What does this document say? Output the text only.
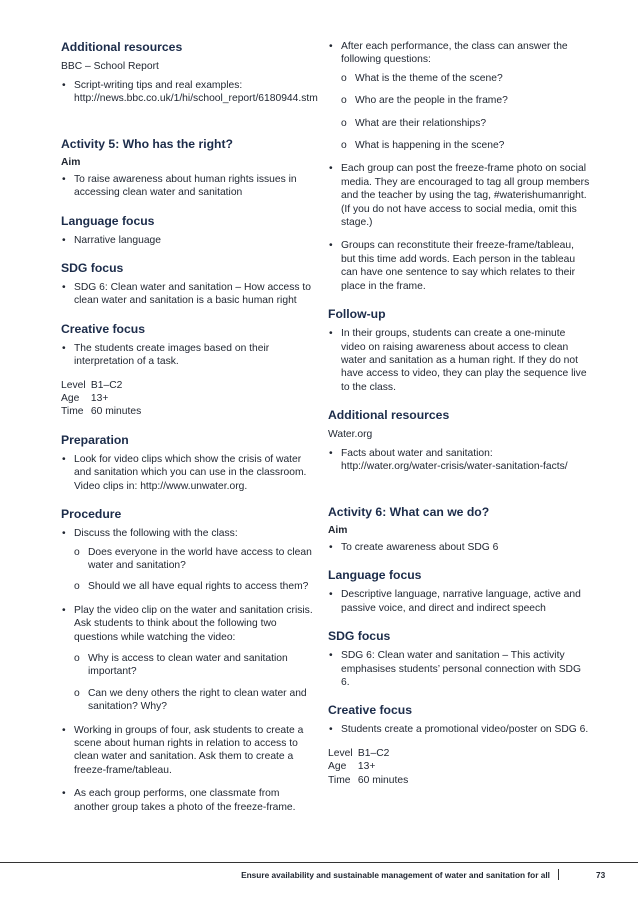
Additional resources

BBC – School Report

• Script-writing tips and real examples: http://news.bbc.co.uk/1/hi/school_report/6180944.stm

Activity 5: Who has the right?

Aim

• To raise awareness about human rights issues in accessing clean water and sanitation

Language focus

• Narrative language

SDG focus

• SDG 6: Clean water and sanitation – How access to clean water and sanitation is a basic human right

Creative focus

• The students create images based on their interpretation of a task.

Level B1–C2

Age 13+

Time 60 minutes

Preparation

• Look for video clips which show the crisis of water and sanitation which you can use in the classroom. Video clips in: http://www.unwater.org.

Procedure

• Discuss the following with the class:

o Does everyone in the world have access to clean water and sanitation?

o Should we all have equal rights to access them?

• Play the video clip on the water and sanitation crisis. Ask students to think about the following two questions while watching the video:

o Why is access to clean water and sanitation important?

o Can we deny others the right to clean water and sanitation? Why?

• Working in groups of four, ask students to create a scene about human rights in relation to access to clean water and sanitation. Ask them to create a freeze-frame/tableau.

• As each group performs, one classmate from another group takes a photo of the freeze-frame.

• After each performance, the class can answer the following questions:

o What is the theme of the scene?

o Who are the people in the frame?

o What are their relationships?

o What is happening in the scene?

• Each group can post the freeze-frame photo on social media. They are encouraged to tag all group members and the teacher by using the tag, #waterishumanright. (If you do not have access to social media, omit this stage.)

• Groups can reconstitute their freeze-frame/tableau, but this time add words. Each person in the tableau can have one sentence to say which relates to their place in the frame.

Follow-up

• In their groups, students can create a one-minute video on raising awareness about access to clean water and sanitation as a human right. If they do not have access to video, they can play the sequence live to the class.

Additional resources

Water.org

• Facts about water and sanitation: http://water.org/water-crisis/water-sanitation-facts/

Activity 6: What can we do?

Aim

• To create awareness about SDG 6

Language focus

• Descriptive language, narrative language, active and passive voice, and direct and indirect speech

SDG focus

• SDG 6: Clean water and sanitation – This activity emphasises students’ personal connection with SDG 6.

Creative focus

• Students create a promotional video/poster on SDG 6.

Level B1–C2

Age 13+

Time 60 minutes

Ensure availability and sustainable management of water and sanitation for all	73
